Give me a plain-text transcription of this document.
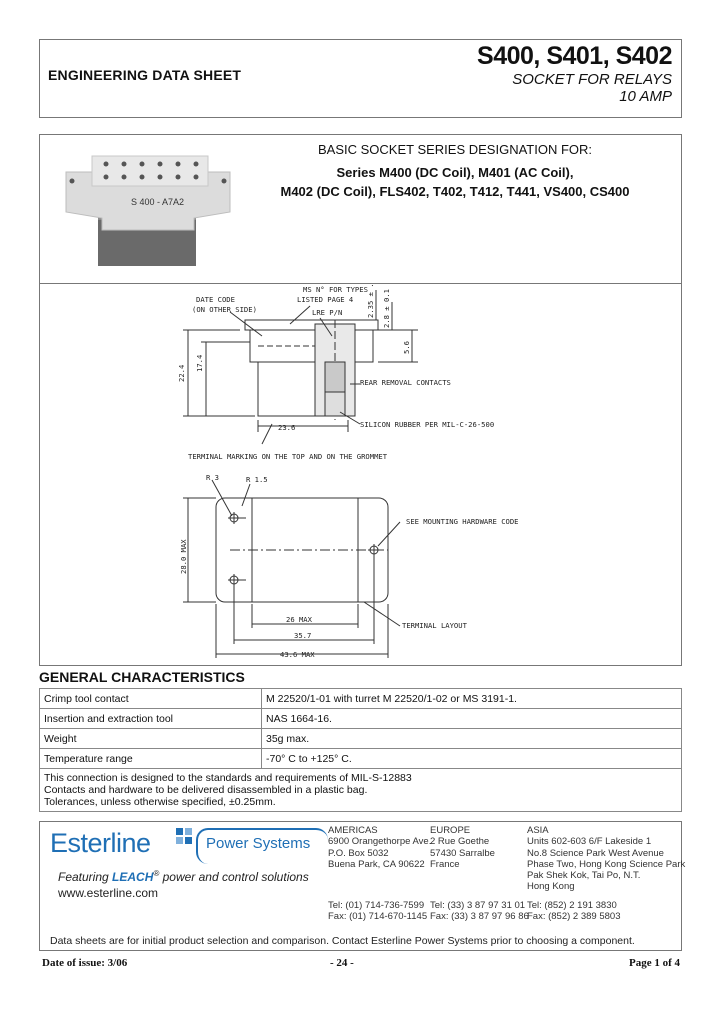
ENGINEERING DATA SHEET
S400, S401, S402
SOCKET FOR RELAYS
10 AMP
S 400 - A7A2
BASIC SOCKET SERIES DESIGNATION FOR:
Series M400 (DC Coil), M401 (AC Coil),
M402 (DC Coil), FLS402, T402, T412, T441, VS400, CS400
DATE CODE
(ON OTHER SIDE)
MS N° FOR TYPES
LISTED PAGE 4
LRE P/N
REAR REMOVAL CONTACTS
SILICON RUBBER PER MIL-C-26-500
TERMINAL MARKING ON THE TOP AND ON THE GROMMET
23.6
22.4
17.4
2.35 ± .01 2.8 ± 0.1
5.6
R 3	R 1.5
SEE MOUNTING HARDWARE CODE
28.0 MAX
26 MAX
35.7
43.6 MAX
TERMINAL LAYOUT
GENERAL CHARACTERISTICS
Crimp tool contact	M 22520/1-01 with turret M 22520/1-02 or MS 3191-1.
Insertion and extraction tool	NAS 1664-16.
Weight	35g max.
Temperature range	-70° C to +125° C.

This connection is designed to the standards and requirements of MIL-S-12883
Contacts and hardware to be delivered disassembled in a plastic bag.
Tolerances, unless otherwise specified, ±0.25mm.	
Esterline	Power Systems
Featuring LEACH® power and control solutions
www.esterline.com
AMERICAS
6900 Orangethorpe Ave.
P.O. Box 5032
Buena Park, CA 90622
EUROPE
2 Rue Goethe
57430 Sarralbe
France
ASIA
Units 602-603 6/F Lakeside 1
No.8 Science Park West Avenue
Phase Two, Hong Kong Science Park
Pak Shek Kok, Tai Po, N.T.
Hong Kong
Tel: (01) 714-736-7599
Fax: (01) 714-670-1145
Tel: (33) 3 87 97 31 01
Fax: (33) 3 87 97 96 86
Tel: (852) 2 191 3830
Fax: (852) 2 389 5803
Data sheets are for initial product selection and comparison. Contact Esterline Power Systems prior to choosing a component.
Date of issue: 3/06	- 24 -	Page 1 of 4
